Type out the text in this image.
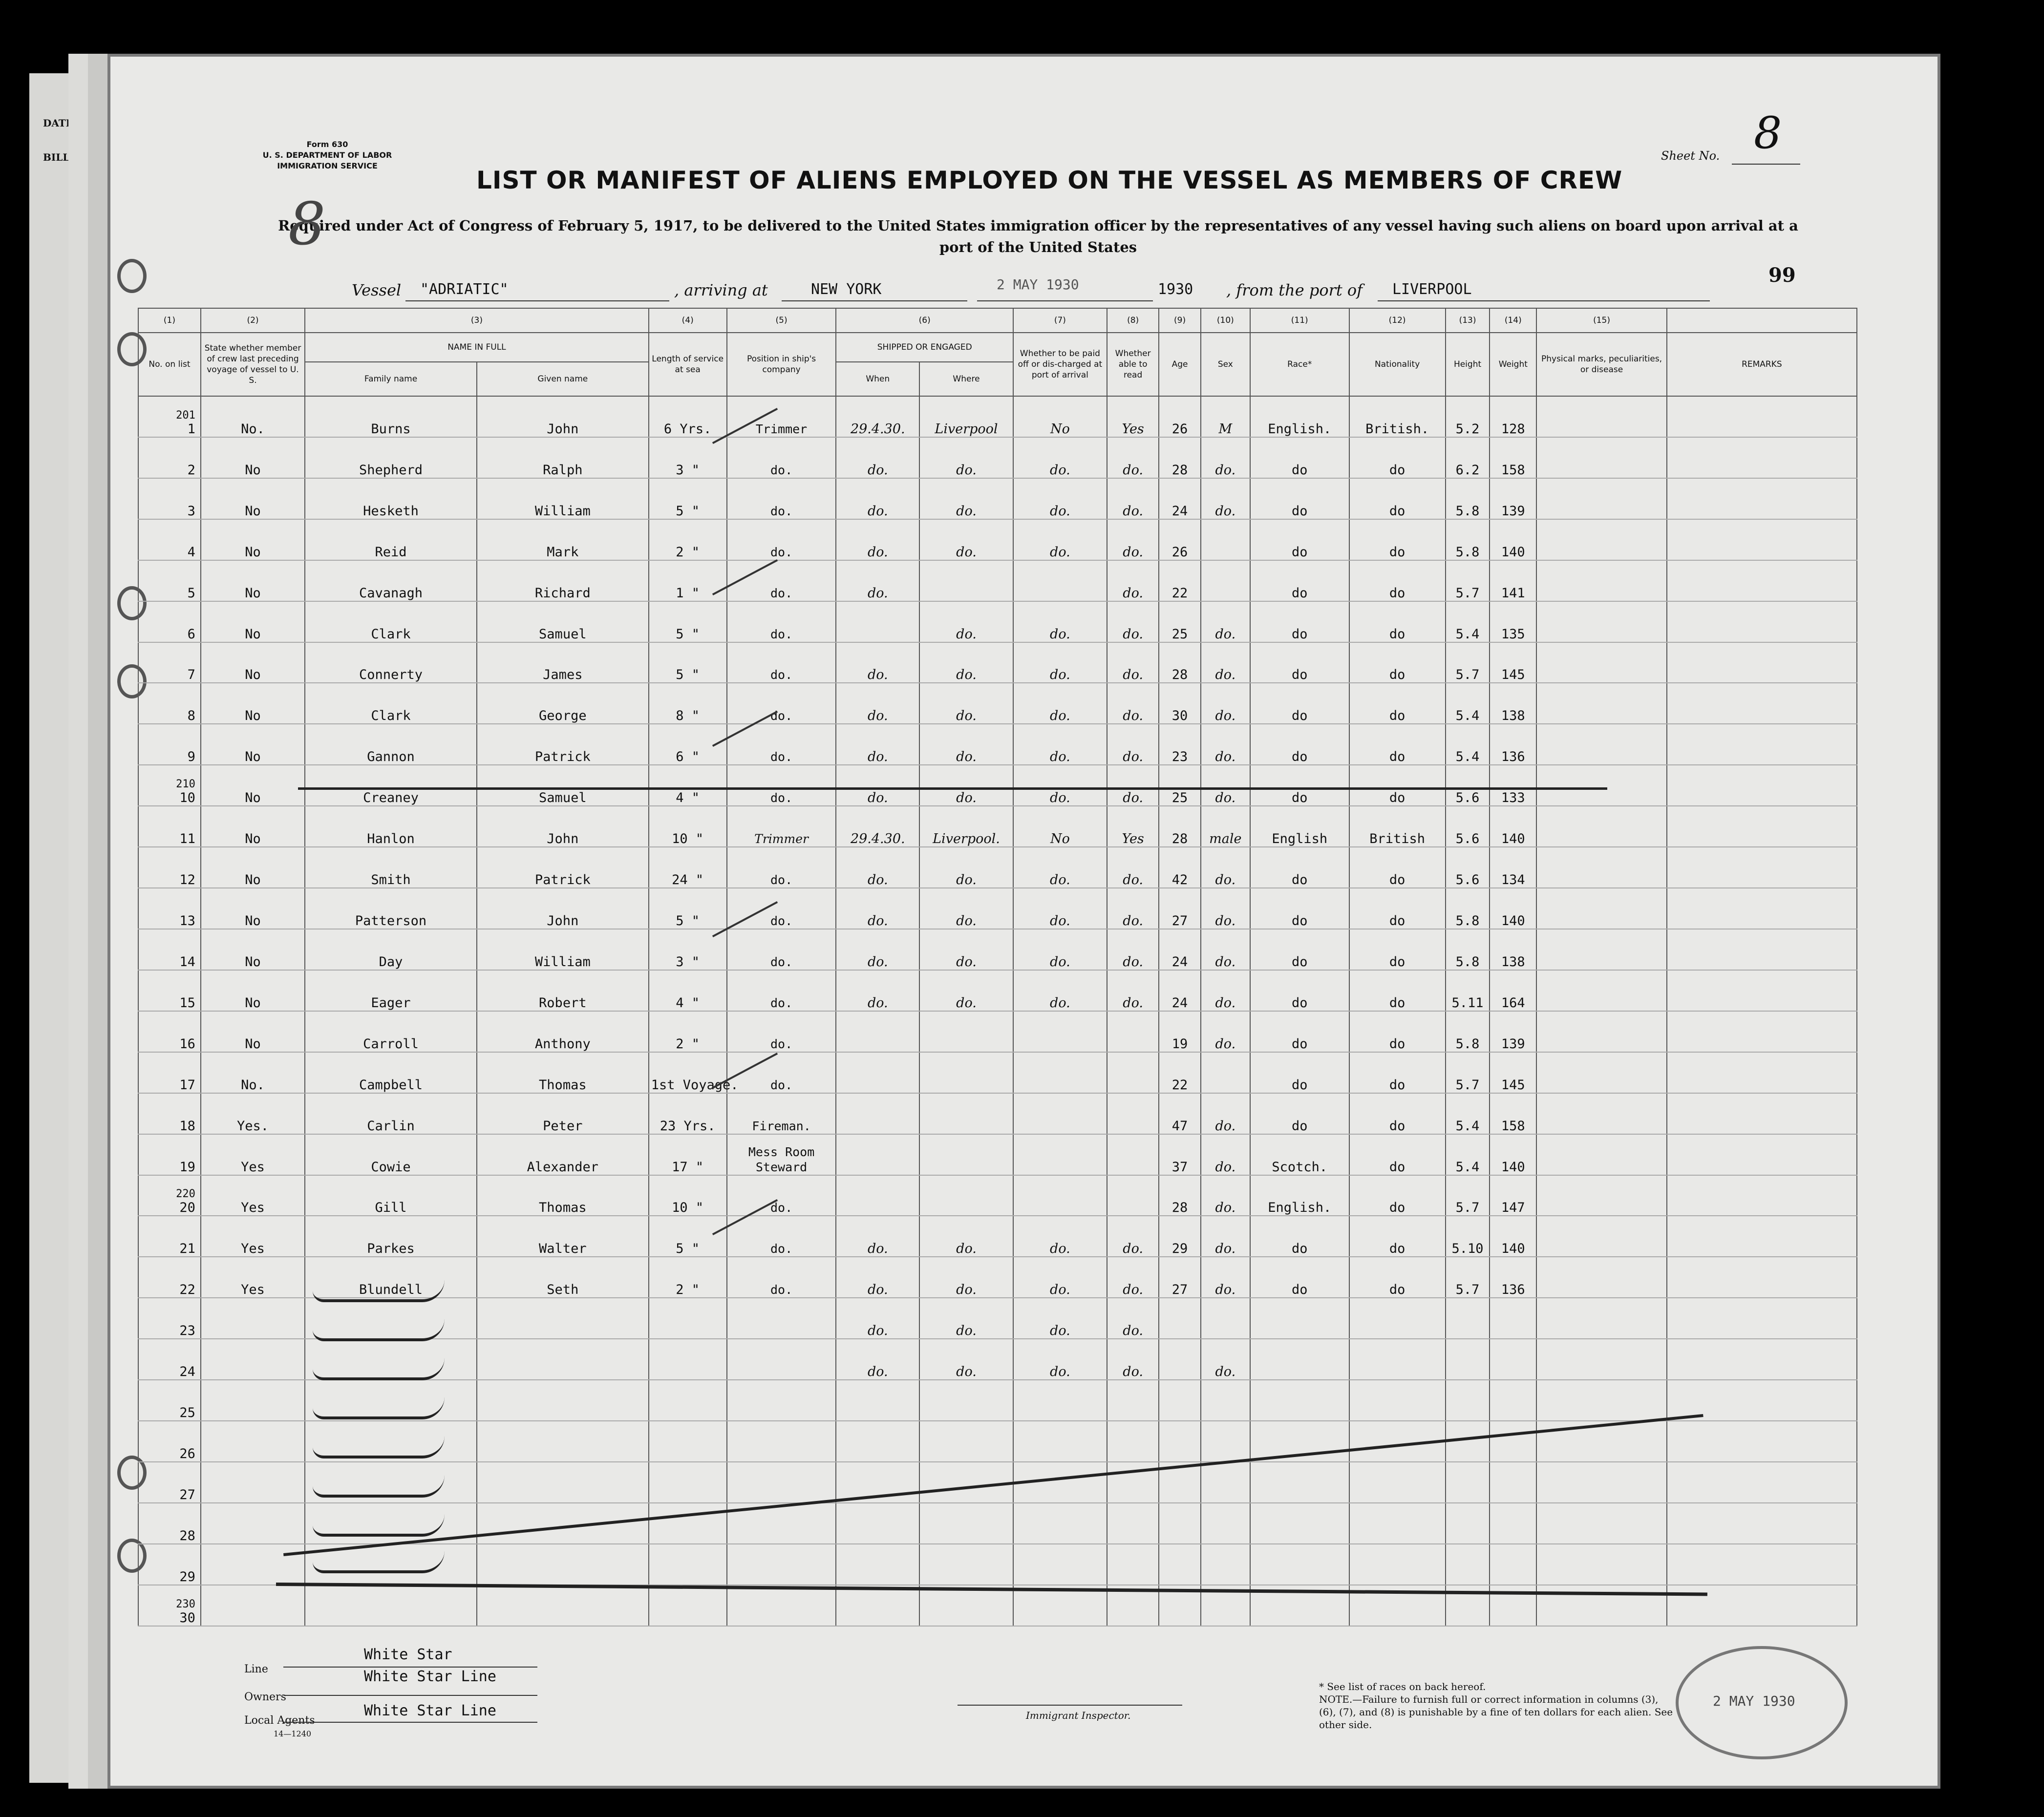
DATE
BILL
Form 630
U. S. DEPARTMENT OF LABOR
IMMIGRATION SERVICE
Sheet No. 8
LIST OR MANIFEST OF ALIENS EMPLOYED ON THE VESSEL AS MEMBERS OF CREW
Required under Act of Congress of February 5, 1917, to be delivered to the United States immigration officer by the representatives of any vessel having such aliens on board upon arrival at a port of the United States
8
Vessel "ADRIATIC"	, arriving at	NEW YORK	2 MAY 1930	1930 , from the port of LIVERPOOL
99
(1)	(2)	(3)		(4)	(5)	(6)		(7)	(8)	(9)	(10)	(11)	(12)	(13)	(14)	(15)	
No. on list	State whether member of crew last preceding voyage of vessel to U. S.	NAME IN FULL		Length of service at sea	Position in ship's company	SHIPPED OR ENGAGED		Whether to be paid off or dis-charged at port of arrival	Whether able to read	Age	Sex	Race*	Nationality	Height	Weight	Physical marks, peculiarities, or disease	REMARKS
		Family name	Given name			When	Where										

201
1	No.	Burns	John	6 Yrs.	Trimmer	29.4.30.	Liverpool	No	Yes	26	M	English.	British.	5.2	128		
2	No	Shepherd	Ralph	3 "	do.	do.	do.	do.	do.	28	do.	do	do	6.2	158		
3	No	Hesketh	William	5 "	do.	do.	do.	do.	do.	24	do.	do	do	5.8	139		
4	No	Reid	Mark	2 "	do.	do.	do.	do.	do.	26		do	do	5.8	140		
5	No	Cavanagh	Richard	1 "	do.	do.			do.	22		do	do	5.7	141		
6	No	Clark	Samuel	5 "	do.		do.	do.	do.	25	do.	do	do	5.4	135		
7	No	Connerty	James	5 "	do.	do.	do.	do.	do.	28	do.	do	do	5.7	145		
8	No	Clark	George	8 "	do.	do.	do.	do.	do.	30	do.	do	do	5.4	138		
9	No	Gannon	Patrick	6 "	do.	do.	do.	do.	do.	23	do.	do	do	5.4	136		

210
10	No	Creaney	Samuel	4 "	do.	do.	do.	do.	do.	25	do.	do	do	5.6	133		
11	No	Hanlon	John	10 "	Trimmer	29.4.30.	Liverpool.	No	Yes	28	male	English	British	5.6	140		
12	No	Smith	Patrick	24 "	do.	do.	do.	do.	do.	42	do.	do	do	5.6	134		
13	No	Patterson	John	5 "	do.	do.	do.	do.	do.	27	do.	do	do	5.8	140		
14	No	Day	William	3 "	do.	do.	do.	do.	do.	24	do.	do	do	5.8	138		
15	No	Eager	Robert	4 "	do.	do.	do.	do.	do.	24	do.	do	do	5.11	164		
16	No	Carroll	Anthony	2 "	do.					19	do.	do	do	5.8	139		
17	No.	Campbell	Thomas	1st Voyage.	do.					22		do	do	5.7	145		
18	Yes.	Carlin	Peter	23 Yrs.	Fireman.					47	do.	do	do	5.4	158		
19	Yes	Cowie	Alexander	17 "	Mess Room Steward					37	do.	Scotch.	do	5.4	140		

220
20	Yes	Gill	Thomas	10 "	do.					28	do.	English.	do	5.7	147		
21	Yes	Parkes	Walter	5 "	do.	do.	do.	do.	do.	29	do.	do	do	5.10	140		
22	Yes	Blundell	Seth	2 "	do.	do.	do.	do.	do.	27	do.	do	do	5.7	136		
23						do.	do.	do.	do.								
24						do.	do.	do.	do.		do.						
25																	
26																	
27																	
28																	
29																	

230
30																	
Line
White Star
White Star Line
Owners
White Star Line
Local Agents
14—1240
Immigrant Inspector.
* See list of races on back hereof.
NOTE.—Failure to furnish full or correct information in columns (3), (6), (7), and (8) is punishable by a fine of ten dollars for each alien. See other side.
2 MAY 1930
